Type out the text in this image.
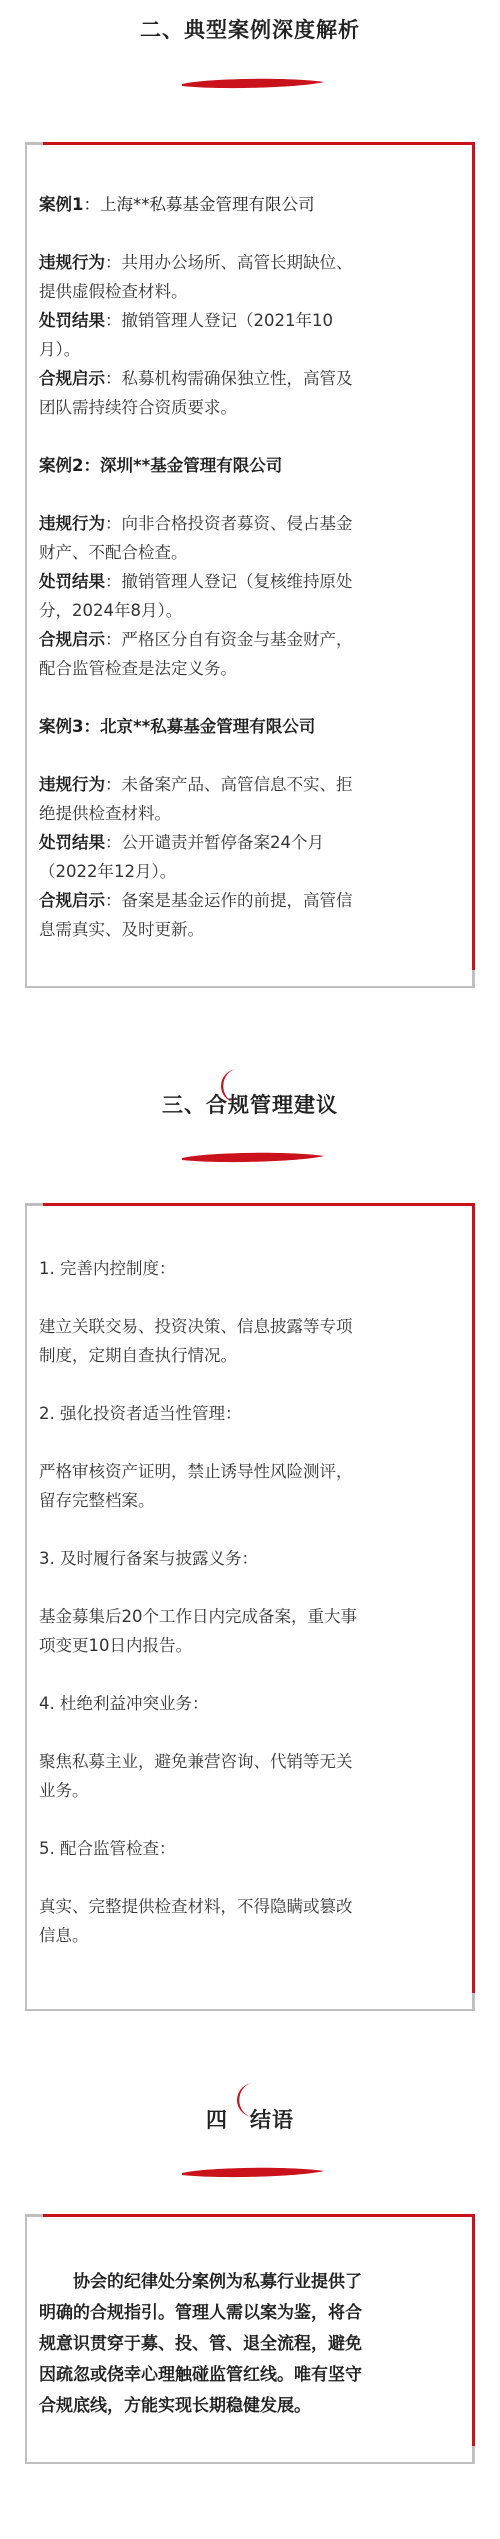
二、典型案例深度解析
案例1：上海**私募基金管理有限公司
违规行为：共用办公场所、高管长期缺位、
提供虚假检查材料。
处罚结果：撤销管理人登记（2021年10
月）。
合规启示：私募机构需确保独立性，高管及
团队需持续符合资质要求。
案例2：深圳**基金管理有限公司
违规行为：向非合格投资者募资、侵占基金
财产、不配合检查。
处罚结果：撤销管理人登记（复核维持原处
分，2024年8月）。
合规启示：严格区分自有资金与基金财产，
配合监管检查是法定义务。
案例3：北京**私募基金管理有限公司
违规行为：未备案产品、高管信息不实、拒
绝提供检查材料。
处罚结果：公开谴责并暂停备案24个月
（2022年12月）。
合规启示：备案是基金运作的前提，高管信
息需真实、及时更新。
三、合规管理建议
1. 完善内控制度：
建立关联交易、投资决策、信息披露等专项
制度，定期自查执行情况。
2. 强化投资者适当性管理：
严格审核资产证明，禁止诱导性风险测评，
留存完整档案。
3. 及时履行备案与披露义务：
基金募集后20个工作日内完成备案，重大事
项变更10日内报告。
4. 杜绝利益冲突业务：
聚焦私募主业，避免兼营咨询、代销等无关
业务。
5. 配合监管检查：
真实、完整提供检查材料，不得隐瞒或篡改
信息。
四 结语
　　协会的纪律处分案例为私募行业提供了
明确的合规指引。管理人需以案为鉴，将合
规意识贯穿于募、投、管、退全流程，避免
因疏忽或侥幸心理触碰监管红线。唯有坚守
合规底线，方能实现长期稳健发展。
